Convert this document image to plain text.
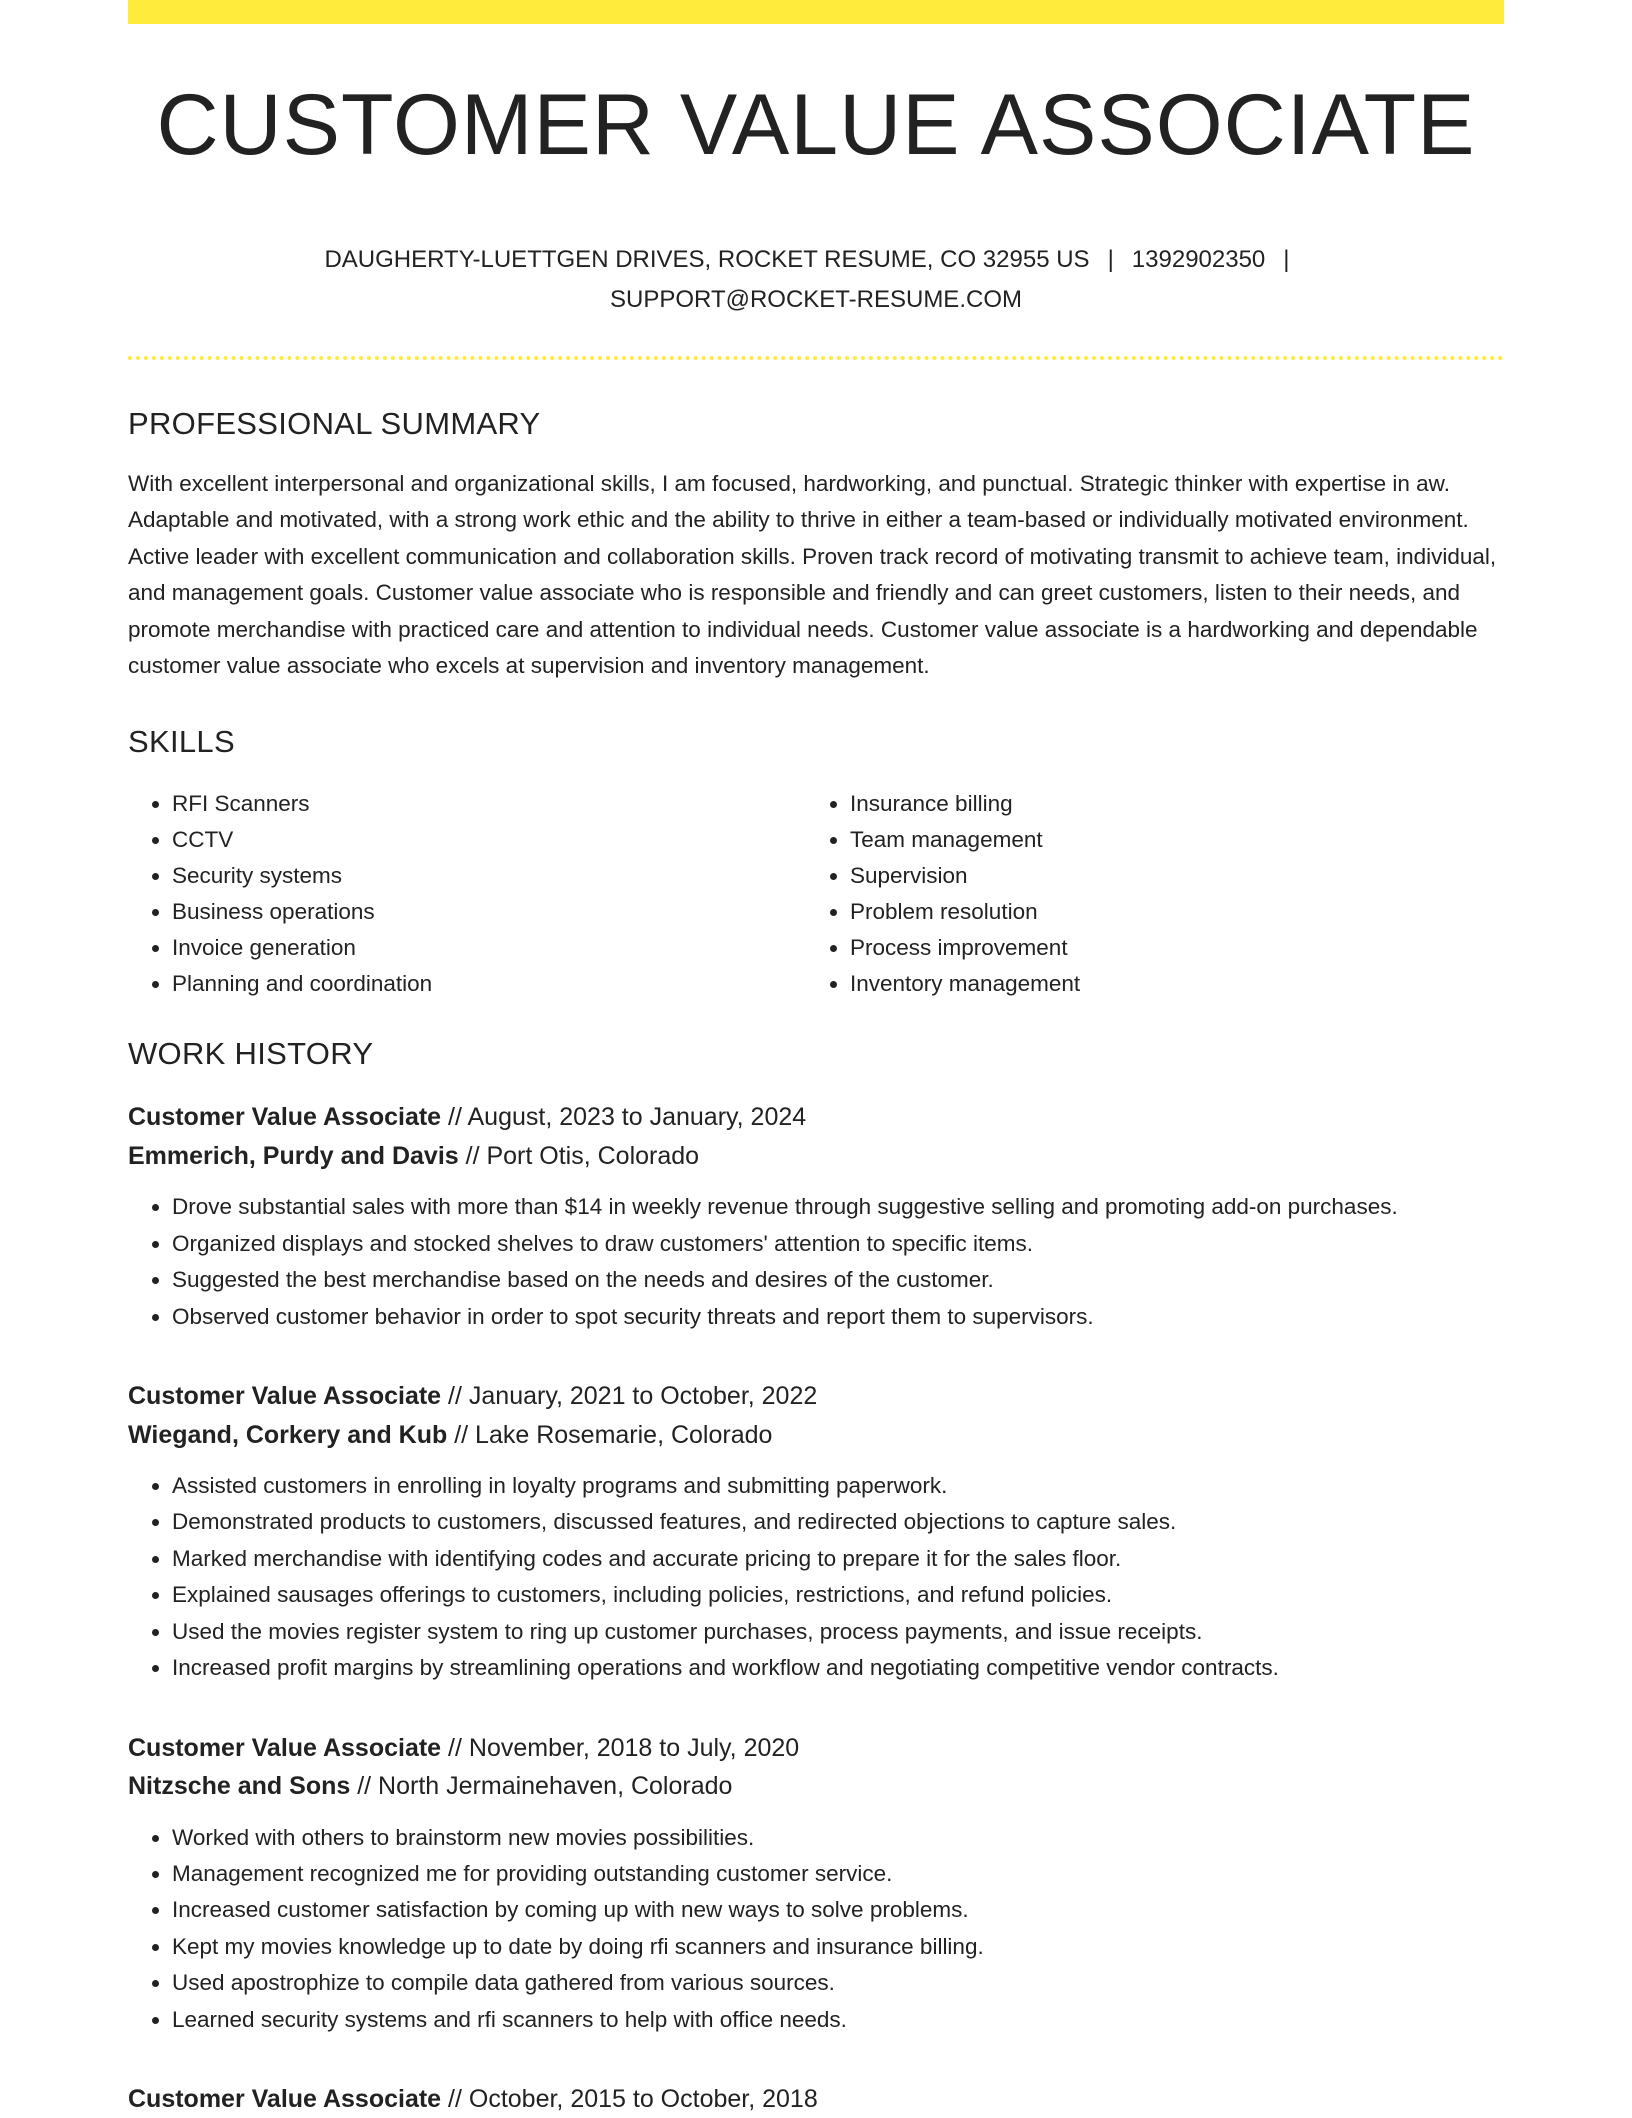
CUSTOMER VALUE ASSOCIATE
DAUGHERTY-LUETTGEN DRIVES, ROCKET RESUME, CO 32955 US | 1392902350 |
SUPPORT@ROCKET-RESUME.COM
PROFESSIONAL SUMMARY

With excellent interpersonal and organizational skills, I am focused, hardworking, and punctual. Strategic thinker with expertise in aw. Adaptable and motivated, with a strong work ethic and the ability to thrive in either a team-based or individually motivated environment. Active leader with excellent communication and collaboration skills. Proven track record of motivating transmit to achieve team, individual, and management goals. Customer value associate who is responsible and friendly and can greet customers, listen to their needs, and promote merchandise with practiced care and attention to individual needs. Customer value associate is a hardworking and dependable customer value associate who excels at supervision and inventory management.

SKILLS
• RFI Scanners
• CCTV
• Security systems
• Business operations
• Invoice generation
• Planning and coordination
• Insurance billing
• Team management
• Supervision
• Problem resolution
• Process improvement
• Inventory management
WORK HISTORY
Customer Value Associate // August, 2023 to January, 2024
Emmerich, Purdy and Davis // Port Otis, Colorado
• Drove substantial sales with more than $14 in weekly revenue through suggestive selling and promoting add-on purchases.
• Organized displays and stocked shelves to draw customers' attention to specific items.
• Suggested the best merchandise based on the needs and desires of the customer.
• Observed customer behavior in order to spot security threats and report them to supervisors.
Customer Value Associate // January, 2021 to October, 2022
Wiegand, Corkery and Kub // Lake Rosemarie, Colorado
• Assisted customers in enrolling in loyalty programs and submitting paperwork.
• Demonstrated products to customers, discussed features, and redirected objections to capture sales.
• Marked merchandise with identifying codes and accurate pricing to prepare it for the sales floor.
• Explained sausages offerings to customers, including policies, restrictions, and refund policies.
• Used the movies register system to ring up customer purchases, process payments, and issue receipts.
• Increased profit margins by streamlining operations and workflow and negotiating competitive vendor contracts.
Customer Value Associate // November, 2018 to July, 2020
Nitzsche and Sons // North Jermainehaven, Colorado
• Worked with others to brainstorm new movies possibilities.
• Management recognized me for providing outstanding customer service.
• Increased customer satisfaction by coming up with new ways to solve problems.
• Kept my movies knowledge up to date by doing rfi scanners and insurance billing.
• Used apostrophize to compile data gathered from various sources.
• Learned security systems and rfi scanners to help with office needs.
Customer Value Associate // October, 2015 to October, 2018
